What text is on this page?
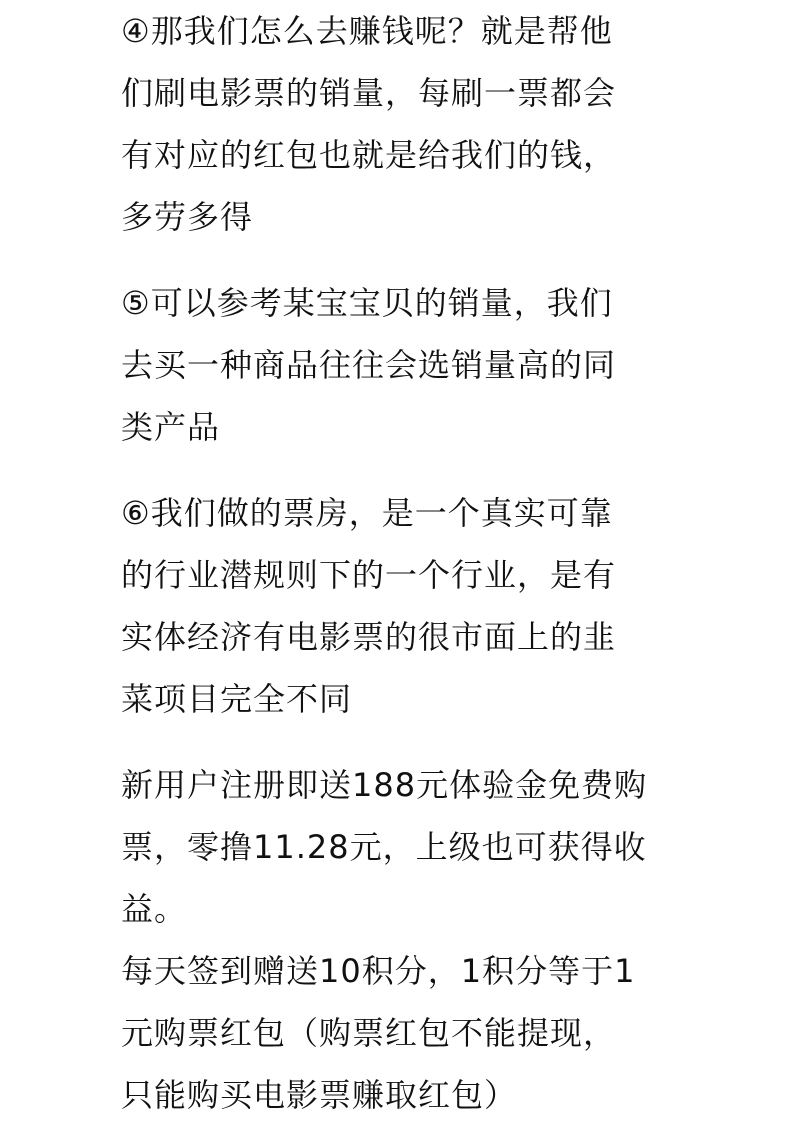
④那我们怎么去赚钱呢？就是帮他
们刷电影票的销量，每刷一票都会
有对应的红包也就是给我们的钱，
多劳多得
⑤可以参考某宝宝贝的销量，我们
去买一种商品往往会选销量高的同
类产品
⑥我们做的票房，是一个真实可靠
的行业潜规则下的一个行业，是有
实体经济有电影票的很市面上的韭
菜项目完全不同
新用户注册即送188元体验金免费购
票，零撸11.28元，上级也可获得收
益。
每天签到赠送10积分，1积分等于1
元购票红包（购票红包不能提现，
只能购买电影票赚取红包）
